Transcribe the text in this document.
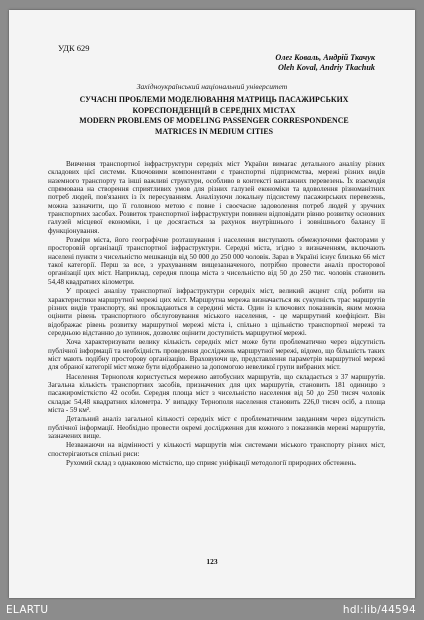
УДК 629
Олег Коваль, Андрій Ткачук
Oleh Koval, Andriy Tkachuk
Західноукраїнський національний університет
СУЧАСНІ ПРОБЛЕМИ МОДЕЛЮВАННЯ МАТРИЦЬ ПАСАЖИРСЬКИХ
КОРЕСПОНДЕНЦІЙ В СЕРЕДНІХ МІСТАХ
MODERN PROBLEMS OF MODELING PASSENGER CORRESPONDENCE
MATRICES IN MEDIUM CITIES

Вивчення транспортної інфраструктури середніх міст України вимагає детального аналізу різних складових цієї системи. Ключовими компонентами є транспортні підприємства, мережі різних видів наземного транспорту та інші важливі структури, особливо в контексті вантажних перевезень. Їх взаємодія спрямована на створення сприятливих умов для різних галузей економіки та вдоволення різноманітних потреб людей, пов'язаних із їх пересуванням. Аналізуючи локальну підсистему пасажирських перевезень, можна зазначити, що її головною метою є повне і своєчасне задоволення потреб людей у зручних транспортних засобах. Розвиток транспортної інфраструктури повинен відповідати рівню розвитку основних галузей місцевої економіки, і це досягається за рахунок внутрішнього і зовнішнього балансу її функціонування.

Розміри міста, його географічне розташування і населення виступають обмежуючими факторами у просторовій організації транспортної інфраструктури. Середні міста, згідно з визначенням, включають населені пункти з чисельністю мешканців від 50 000 до 250 000 чоловік. Зараз в Україні існує близько 66 міст такої категорії. Перш за все, з урахуванням вищезазначеного, потрібно провести аналіз просторової організації цих міст. Наприклад, середня площа міста з чисельністю від 50 до 250 тис. чоловік становить 54,48 квадратних кілометри.

У процесі аналізу транспортної інфраструктури середніх міст, великий акцент слід робити на характеристики маршрутної мережі цих міст. Маршрутна мережа визначається як сукупність трас маршрутів різних видів транспорту, які прокладаються в середині міста. Один із ключових показників, яким можна оцінити рівень транспортного обслуговування міського населення, - це маршрутний коефіцієнт. Він відображає рівень розвитку маршрутної мережі міста і, спільно з щільністю транспортної мережі та середньою відстанню до зупинок, дозволяє оцінити доступність маршрутної мережі.

Хоча характеризувати велику кількість середніх міст може бути проблематично через відсутність публічної інформації та необхідність проведення досліджень маршрутної мережі, відомо, що більшість таких міст мають подібну просторову організацію. Враховуючи це, представлення параметрів маршрутної мережі для обраної категорії міст може бути відображено за допомогою невеликої групи вибраних міст.

Населення Тернополя користується мережею автобусних маршрутів, що складається з 37 маршрутів. Загальна кількість транспортних засобів, призначених для цих маршрутів, становить 181 одиницю з пасажиромісткістю 42 особи. Середня площа міст з чисельністю населення від 50 до 250 тисяч чоловік складає 54,48 квадратних кілометра. У випадку Тернополя населення становить 226,0 тисяч осіб, а площа міста - 59 км².

Детальний аналіз загальної кількості середніх міст є проблематичним завданням через відсутність публічної інформації. Необхідно провести окремі дослідження для кожного з показників мережі маршрутів, зазначених вище.

Незважаючи на відмінності у кількості маршрутів між системами міського транспорту різних міст, спостерігаються спільні риси:

Рухомий склад з однаковою місткістю, що сприяє уніфікації методології природних обстежень.

123
ELARTU	hdl:lib/44594
